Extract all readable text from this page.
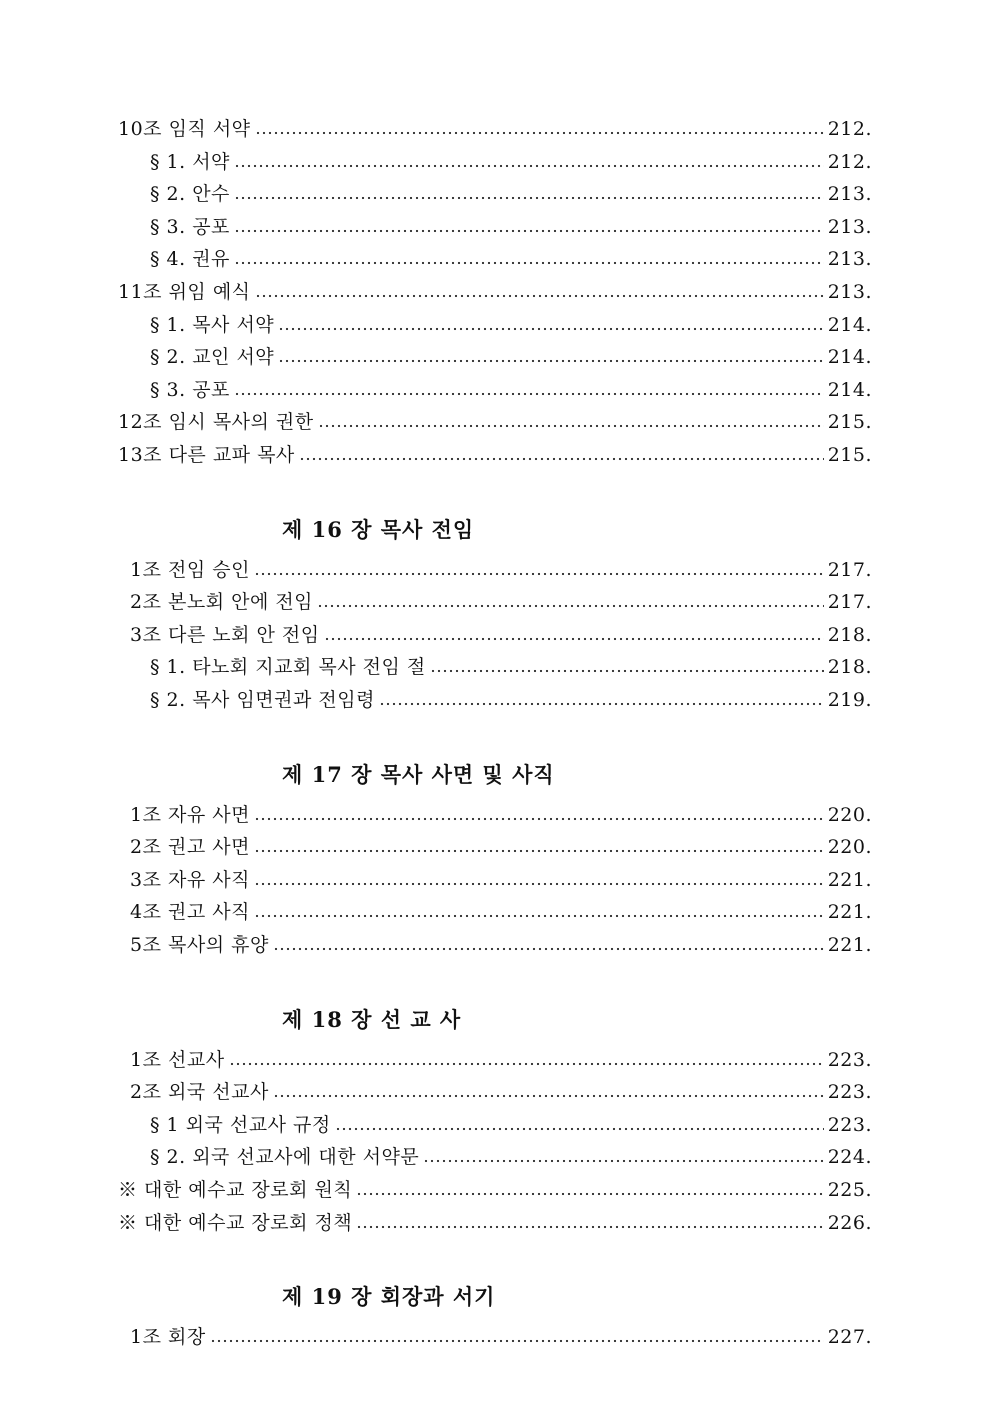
10조 임직 서약	212.
§ 1. 서약	212.
§ 2. 안수	213.
§ 3. 공포	213.
§ 4. 권유	213.
11조 위임 예식	213.
§ 1. 목사 서약	214.
§ 2. 교인 서약	214.
§ 3. 공포	214.
12조 임시 목사의 권한	215.
13조 다른 교파 목사	215.
제 16 장 목사 전임
1조 전임 승인	217.
2조 본노회 안에 전임	217.
3조 다른 노회 안 전임	218.
§ 1. 타노회 지교회 목사 전임 절	218.
§ 2. 목사 임면권과 전임령	219.
제 17 장 목사 사면 및 사직
1조 자유 사면	220.
2조 권고 사면	220.
3조 자유 사직	221.
4조 권고 사직	221.
5조 목사의 휴양	221.
제 18 장 선 교 사
1조 선교사	223.
2조 외국 선교사	223.
§ 1 외국 선교사 규정	223.
§ 2. 외국 선교사에 대한 서약문	224.
※ 대한 예수교 장로회 원칙	225.
※ 대한 예수교 장로회 정책	226.
제 19 장 회장과 서기
1조 회장	227.
